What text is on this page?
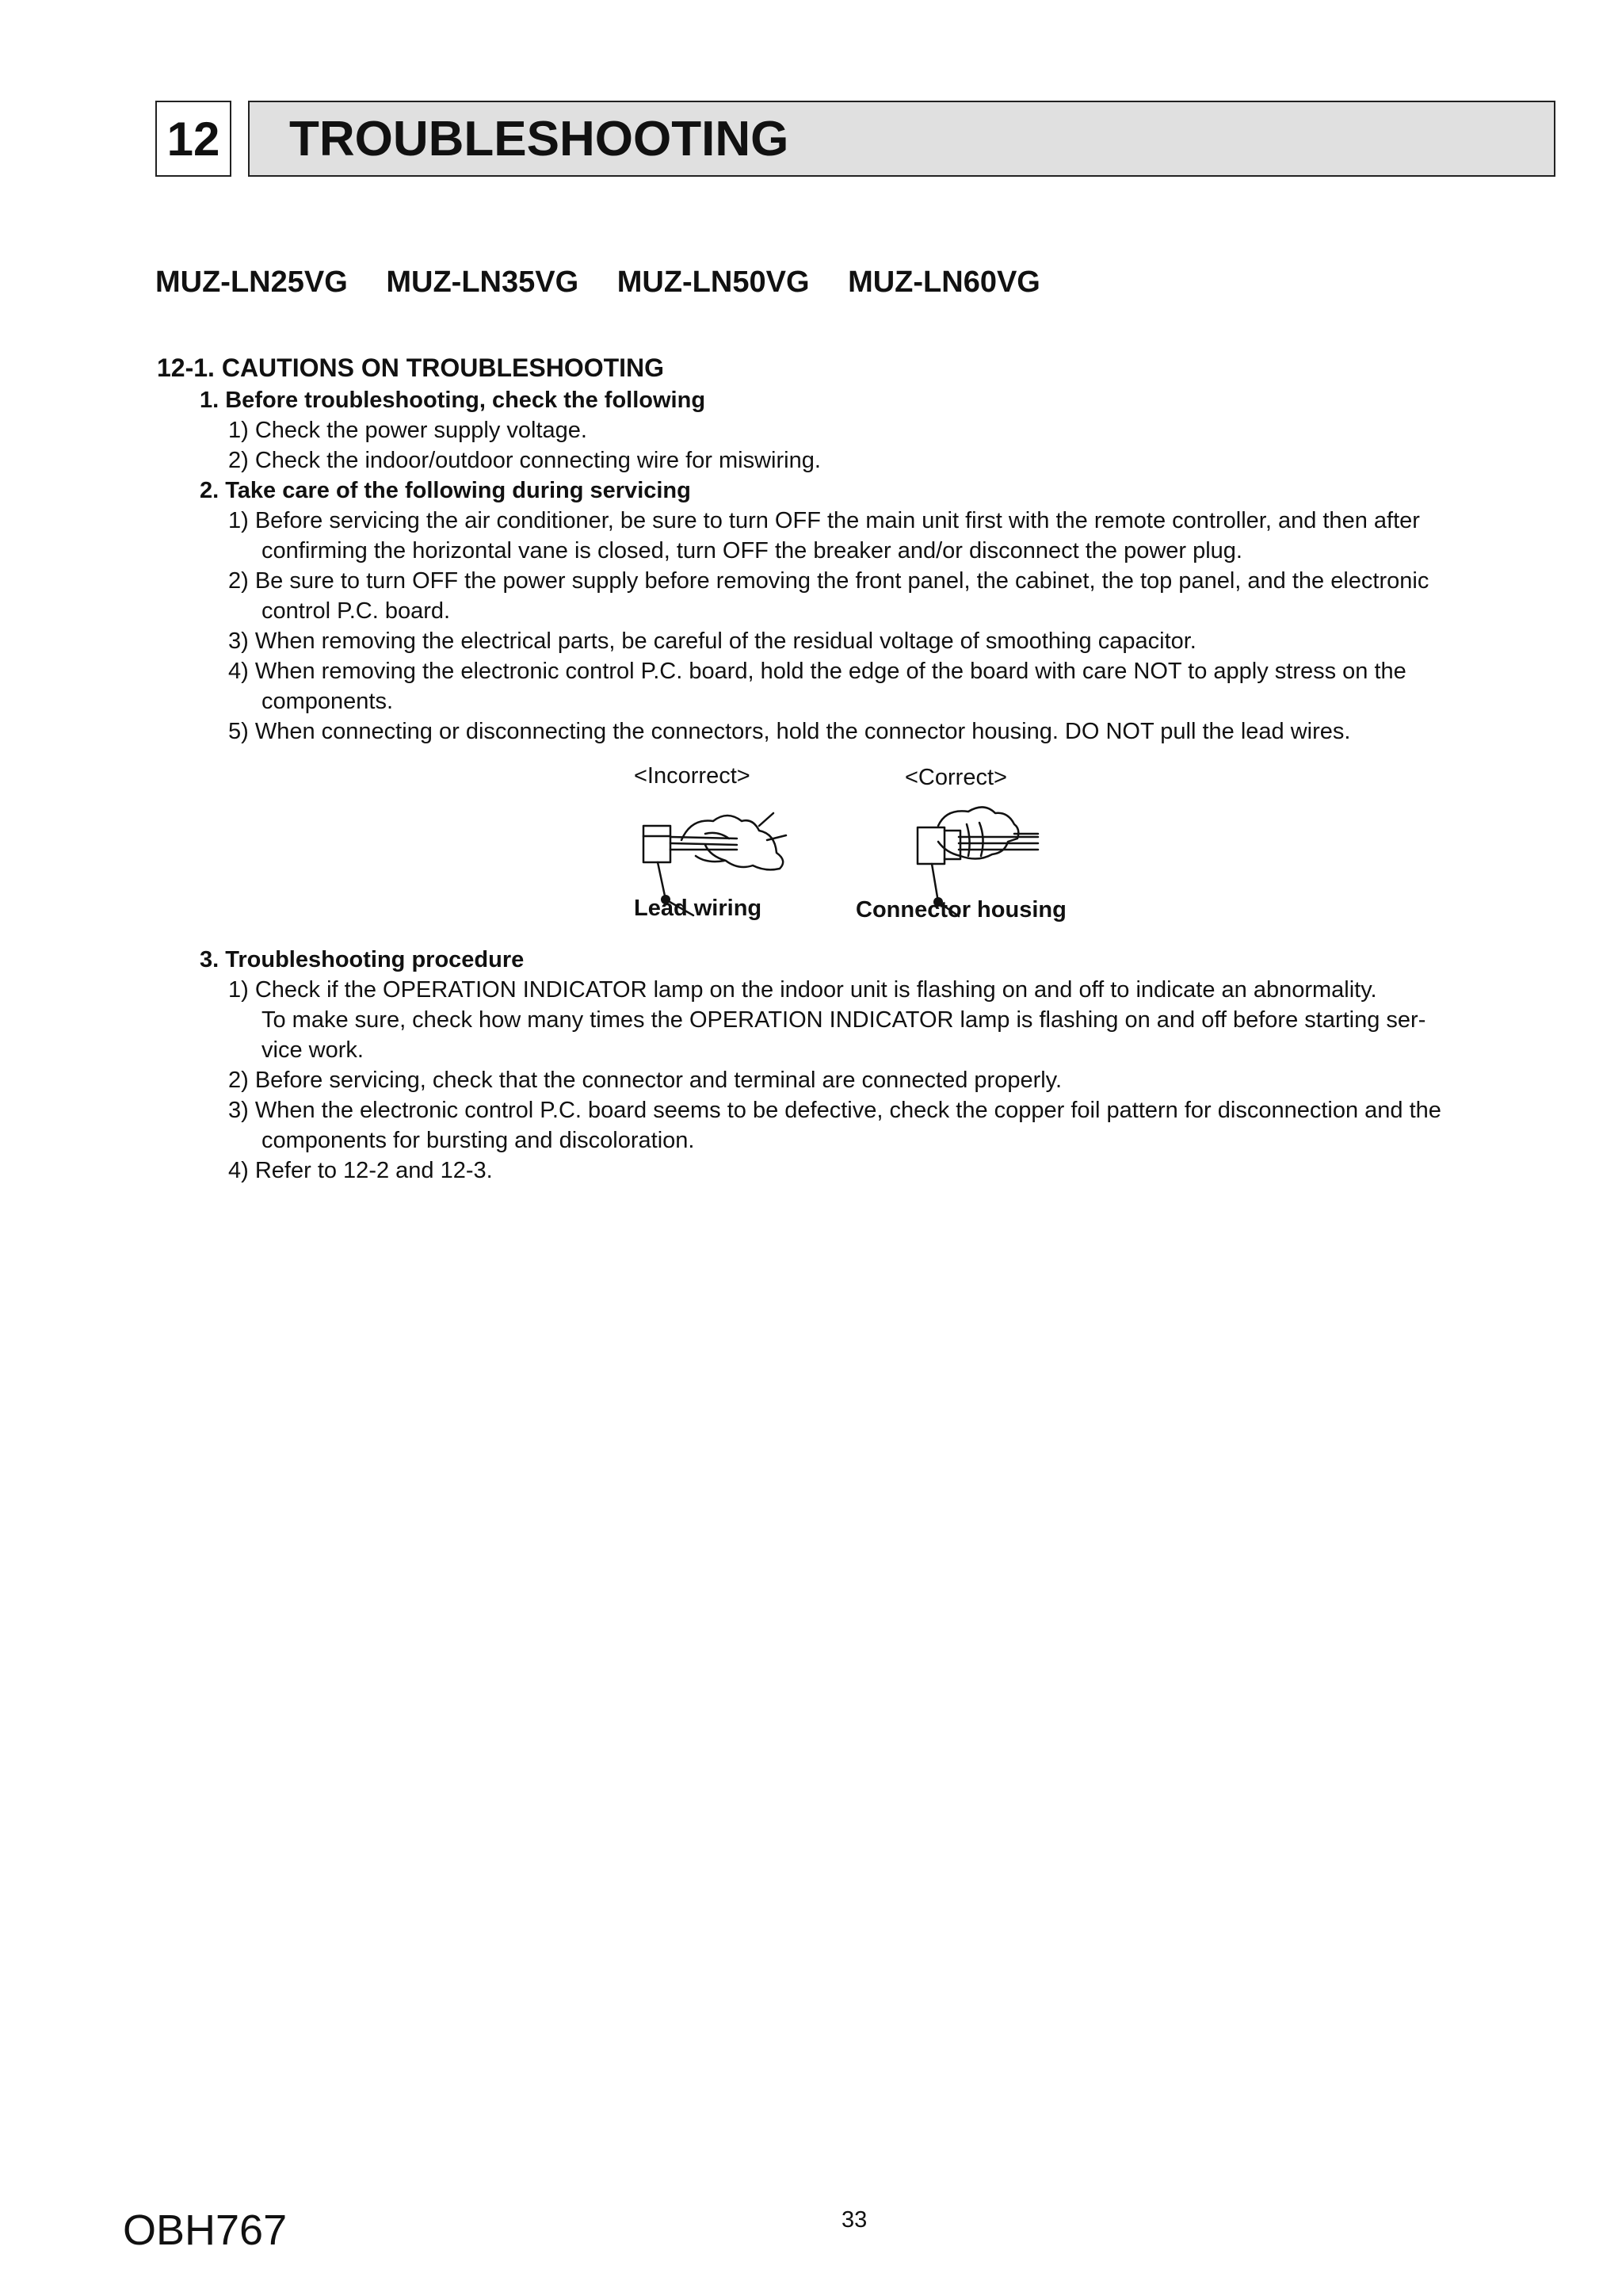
12	TROUBLESHOOTING
MUZ-LN25VG MUZ-LN35VG MUZ-LN50VG MUZ-LN60VG
12-1. CAUTIONS ON TROUBLESHOOTING
1. Before troubleshooting, check the following
1) Check the power supply voltage.
2) Check the indoor/outdoor connecting wire for miswiring.
2. Take care of the following during servicing
1) Before servicing the air conditioner, be sure to turn OFF the main unit first with the remote controller, and then after
confirming the horizontal vane is closed, turn OFF the breaker and/or disconnect the power plug.
2) Be sure to turn OFF the power supply before removing the front panel, the cabinet, the top panel, and the electronic
control P.C. board.
3) When removing the electrical parts, be careful of the residual voltage of smoothing capacitor.
4) When removing the electronic control P.C. board, hold the edge of the board with care NOT to apply stress on the
components.
5) When connecting or disconnecting the connectors, hold the connector housing. DO NOT pull the lead wires.
<Incorrect>	<Correct>
Lead wiring	Connector housing
3. Troubleshooting procedure
1) Check if the OPERATION INDICATOR lamp on the indoor unit is flashing on and off to indicate an abnormality.
To make sure, check how many times the OPERATION INDICATOR lamp is flashing on and off before starting ser-
vice work.
2) Before servicing, check that the connector and terminal are connected properly.
3) When the electronic control P.C. board seems to be defective, check the copper foil pattern for disconnection and the
components for bursting and discoloration.
4) Refer to 12-2 and 12-3.
OBH767	33
